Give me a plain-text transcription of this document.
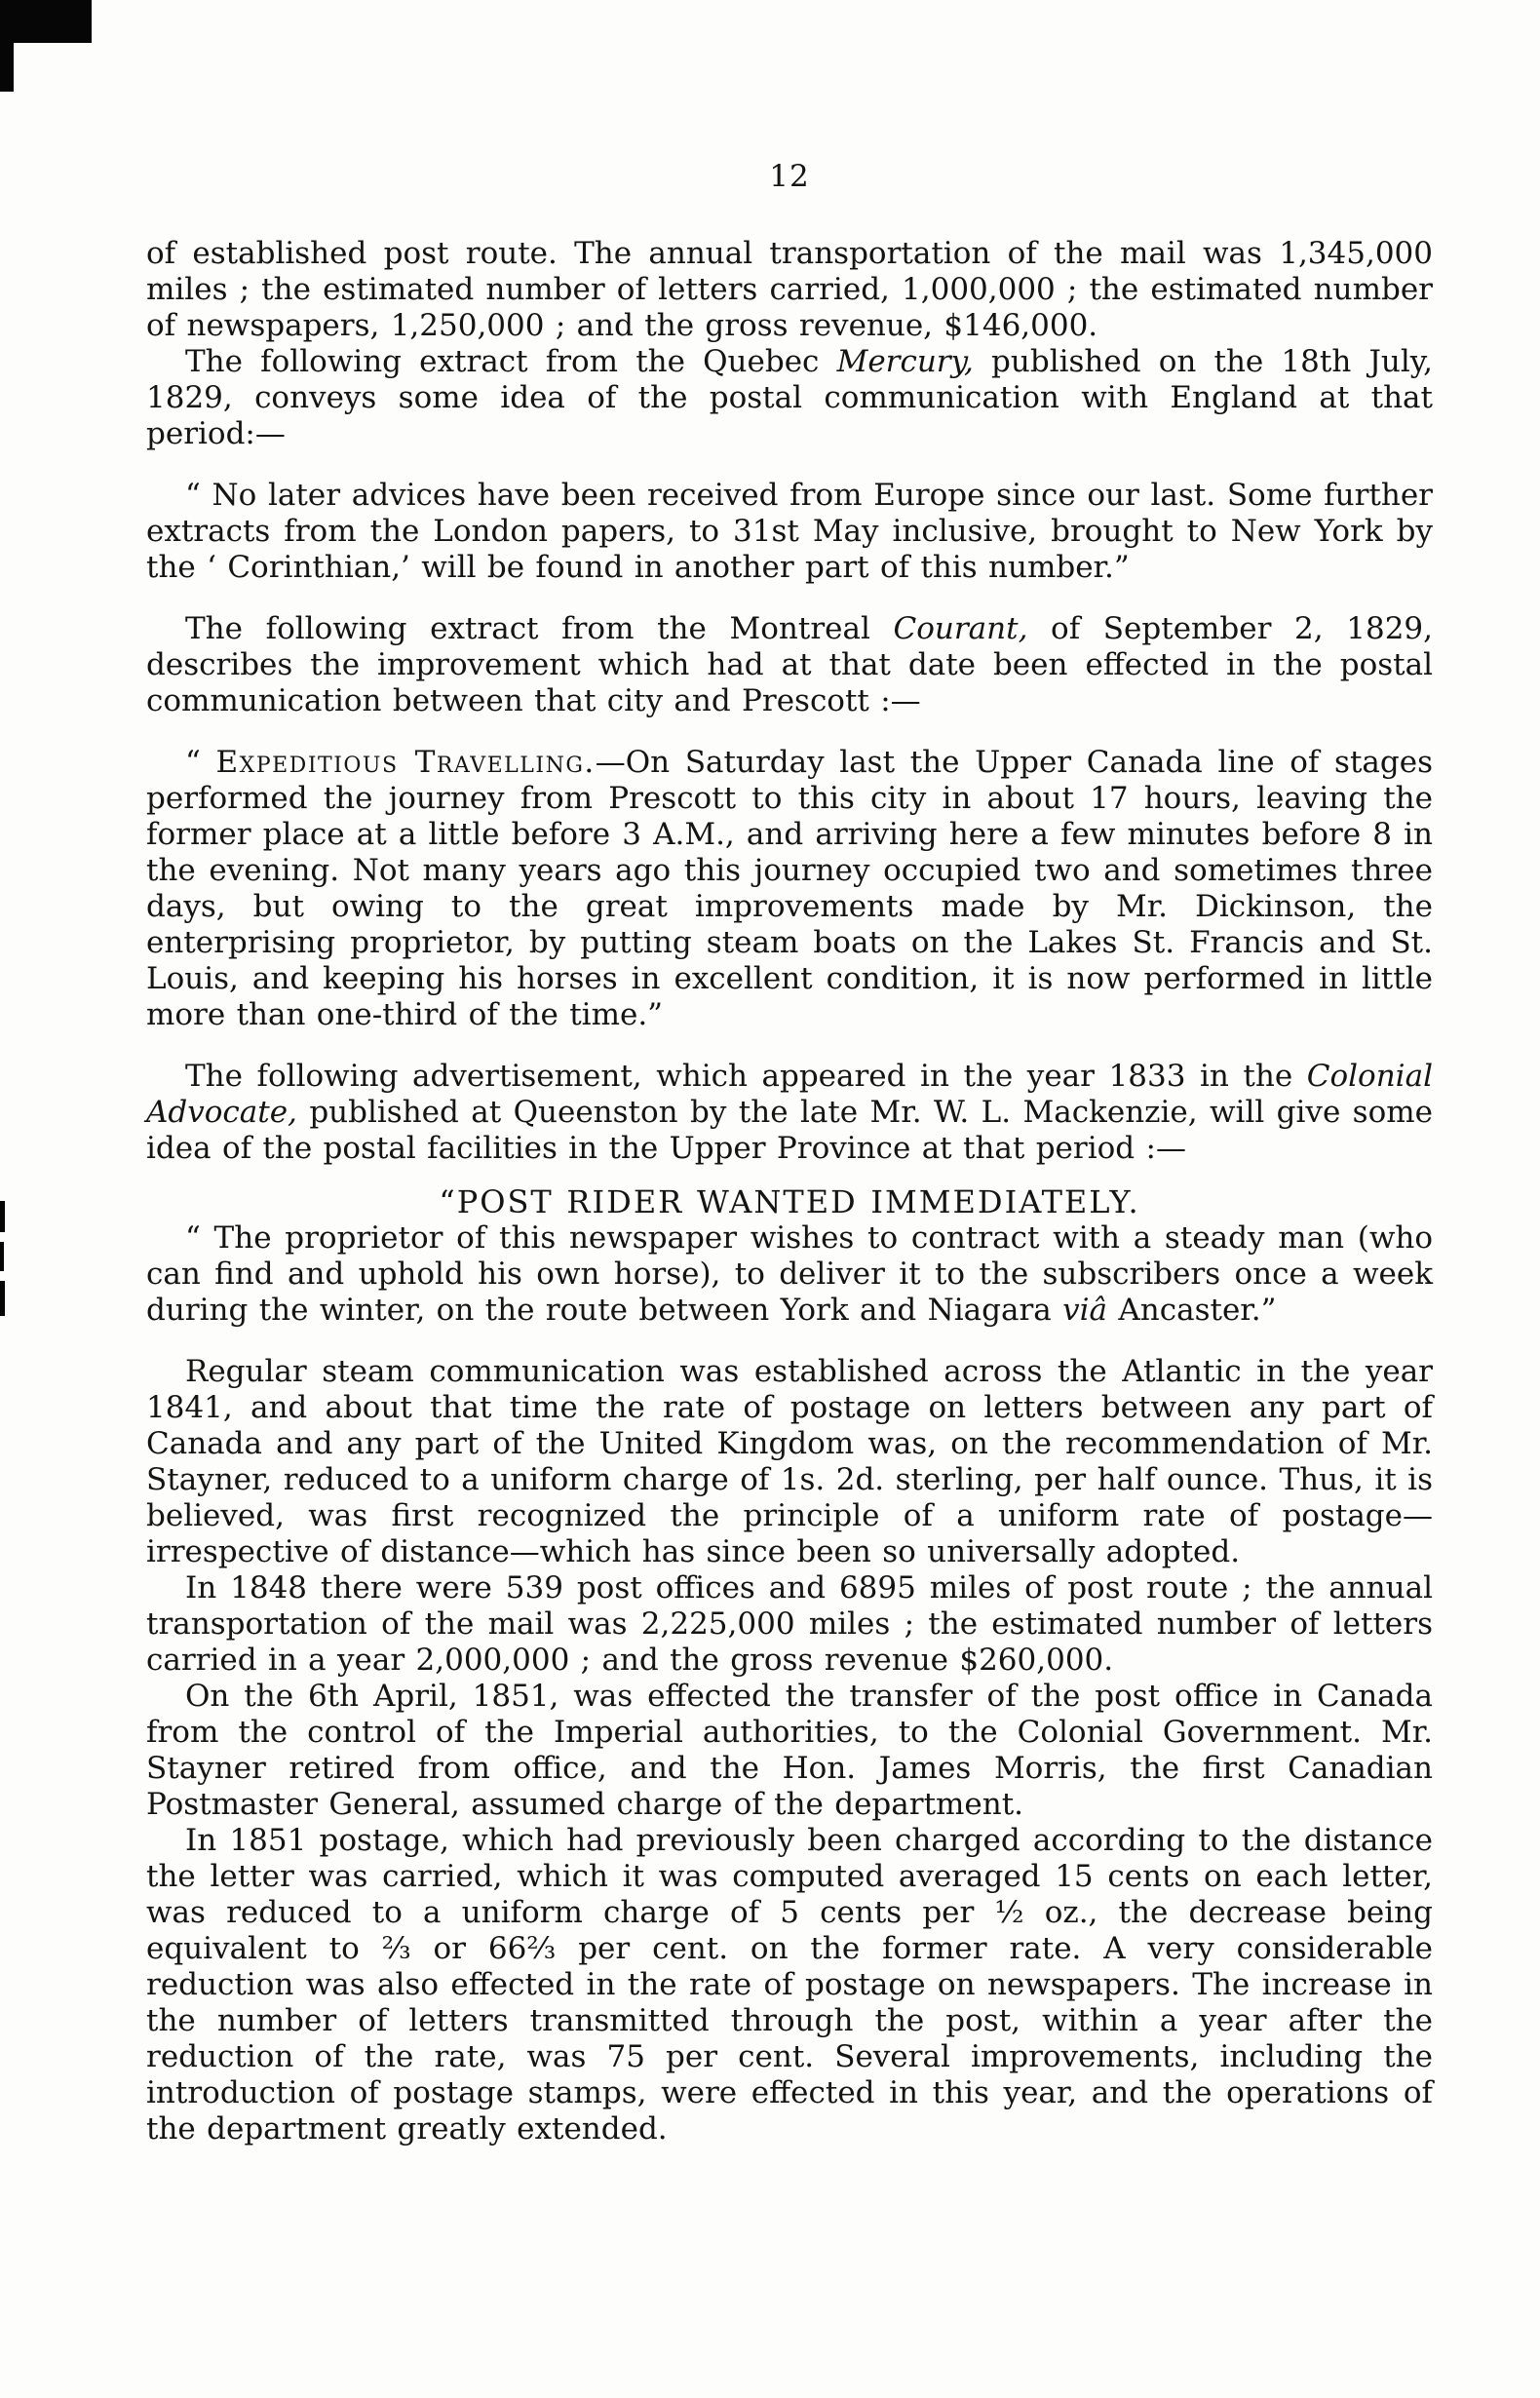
12

of established post route. The annual transportation of the mail was 1,345,000 miles ; the estimated number of letters carried, 1,000,000 ; the estimated number of newspapers, 1,250,000 ; and the gross revenue, $146,000.

The following extract from the Quebec Mercury, published on the 18th July, 1829, conveys some idea of the postal communication with England at that period:—

“ No later advices have been received from Europe since our last. Some further extracts from the London papers, to 31st May inclusive, brought to New York by the ‘ Corinthian,’ will be found in another part of this number.”

The following extract from the Montreal Courant, of September 2, 1829, describes the improvement which had at that date been effected in the postal communication between that city and Prescott :—

“ Expeditious Travelling.—On Saturday last the Upper Canada line of stages performed the journey from Prescott to this city in about 17 hours, leaving the former place at a little before 3 A.M., and arriving here a few minutes before 8 in the evening. Not many years ago this journey occupied two and sometimes three days, but owing to the great improvements made by Mr. Dickinson, the enterprising proprietor, by putting steam boats on the Lakes St. Francis and St. Louis, and keeping his horses in excellent condition, it is now performed in little more than one-third of the time.”

The following advertisement, which appeared in the year 1833 in the Colonial Advocate, published at Queenston by the late Mr. W. L. Mackenzie, will give some idea of the postal facilities in the Upper Province at that period :—

“POST RIDER WANTED IMMEDIATELY.

“ The proprietor of this newspaper wishes to contract with a steady man (who can find and uphold his own horse), to deliver it to the subscribers once a week during the winter, on the route between York and Niagara viâ Ancaster.”

Regular steam communication was established across the Atlantic in the year 1841, and about that time the rate of postage on letters between any part of Canada and any part of the United Kingdom was, on the recommendation of Mr. Stayner, reduced to a uniform charge of 1s. 2d. sterling, per half ounce. Thus, it is believed, was first recognized the principle of a uniform rate of postage—irrespective of distance—which has since been so universally adopted.

In 1848 there were 539 post offices and 6895 miles of post route ; the annual transportation of the mail was 2,225,000 miles ; the estimated number of letters carried in a year 2,000,000 ; and the gross revenue $260,000.

On the 6th April, 1851, was effected the transfer of the post office in Canada from the control of the Imperial authorities, to the Colonial Government. Mr. Stayner retired from office, and the Hon. James Morris, the first Canadian Postmaster General, assumed charge of the department.

In 1851 postage, which had previously been charged according to the distance the letter was carried, which it was computed averaged 15 cents on each letter, was reduced to a uniform charge of 5 cents per ½ oz., the decrease being equivalent to ⅔ or 66⅔ per cent. on the former rate. A very considerable reduction was also effected in the rate of postage on newspapers. The increase in the number of letters transmitted through the post, within a year after the reduction of the rate, was 75 per cent. Several improvements, including the introduction of postage stamps, were effected in this year, and the operations of the department greatly extended.
